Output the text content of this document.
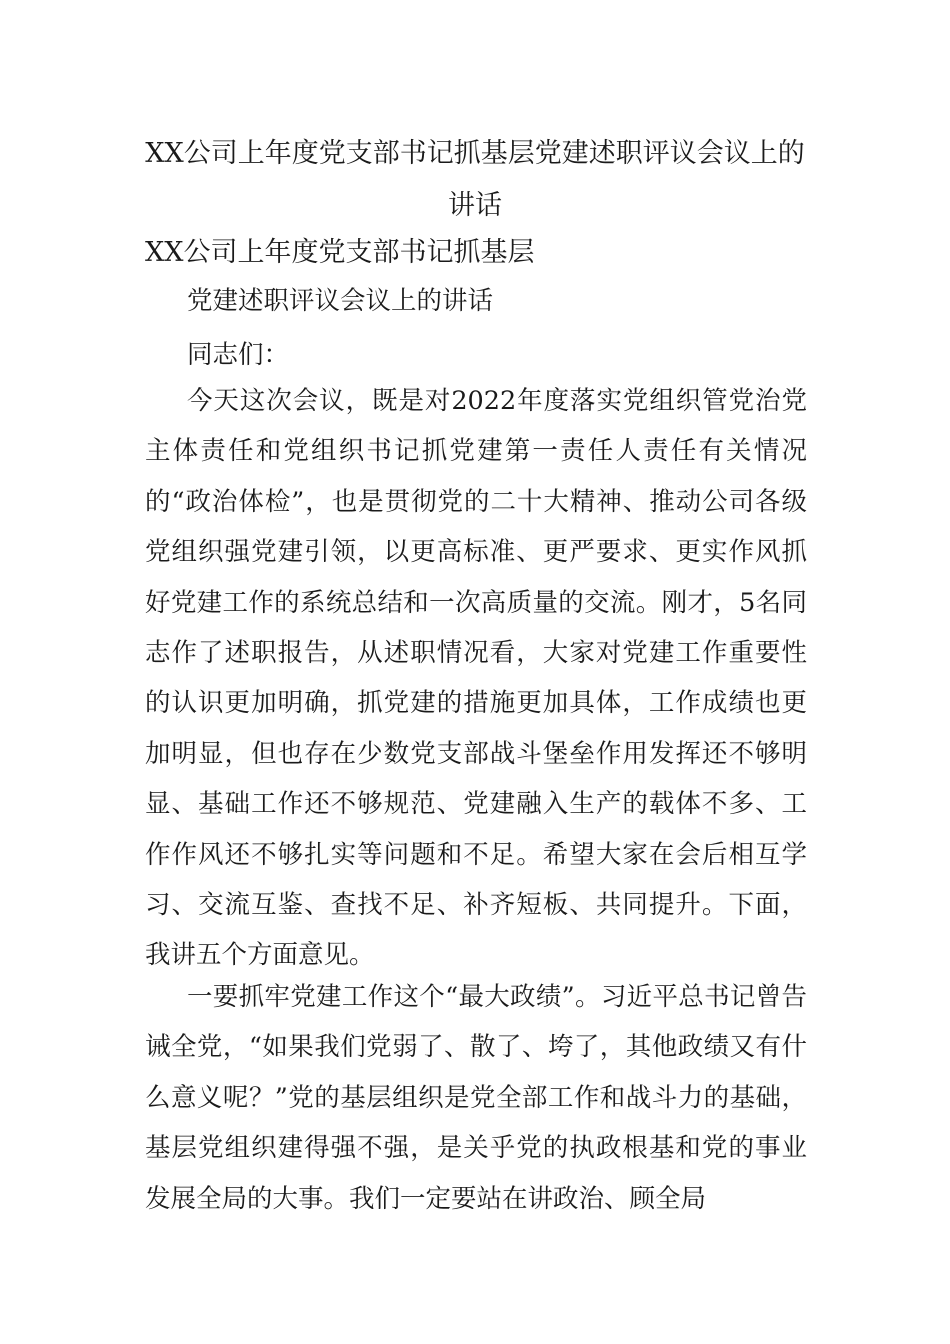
XX公司上年度党支部书记抓基层党建述职评议会议上的讲话

XX公司上年度党支部书记抓基层

党建述职评议会议上的讲话

同志们：

今天这次会议，既是对2022年度落实党组织管党治党主体责任和党组织书记抓党建第一责任人责任有关情况的“政治体检”，也是贯彻党的二十大精神、推动公司各级党组织强党建引领，以更高标准、更严要求、更实作风抓好党建工作的系统总结和一次高质量的交流。刚才，5名同志作了述职报告，从述职情况看，大家对党建工作重要性的认识更加明确，抓党建的措施更加具体，工作成绩也更加明显，但也存在少数党支部战斗堡垒作用发挥还不够明显、基础工作还不够规范、党建融入生产的载体不多、工作作风还不够扎实等问题和不足。希望大家在会后相互学习、交流互鉴、查找不足、补齐短板、共同提升。下面，我讲五个方面意见。

一要抓牢党建工作这个“最大政绩”。习近平总书记曾告诫全党，“如果我们党弱了、散了、垮了，其他政绩又有什么意义呢？”党的基层组织是党全部工作和战斗力的基础，基层党组织建得强不强，是关乎党的执政根基和党的事业发展全局的大事。我们一定要站在讲政治、顾全局
